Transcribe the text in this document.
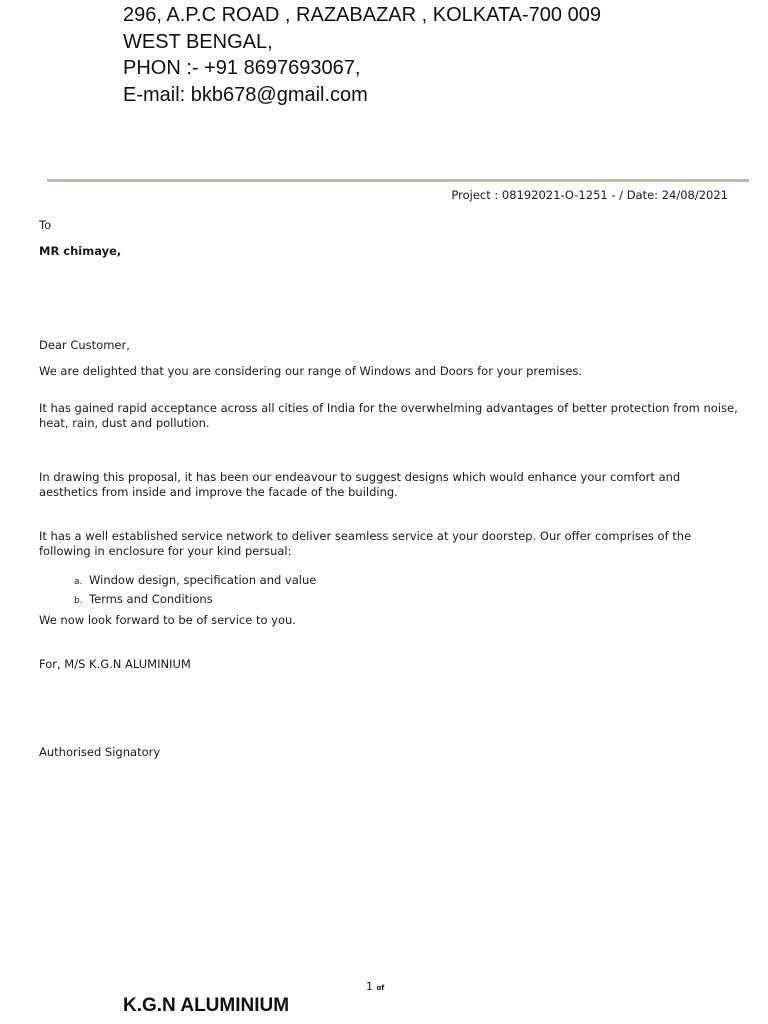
296, A.P.C ROAD , RAZABAZAR , KOLKATA-700 009
WEST BENGAL,
PHON :- +91 8697693067,
E-mail: bkb678@gmail.com
Project : 08192021-O-1251 - / Date: 24/08/2021
To
MR chimaye,
Dear Customer,
We are delighted that you are considering our range of Windows and Doors for your premises.
It has gained rapid acceptance across all cities of India for the overwhelming advantages of better protection from noise, heat, rain, dust and pollution.
In drawing this proposal, it has been our endeavour to suggest designs which would enhance your comfort and aesthetics from inside and improve the facade of the building.
It has a well established service network to deliver seamless service at your doorstep. Our offer comprises of the following in enclosure for your kind persual:
a. Window design, specification and value
b. Terms and Conditions
We now look forward to be of service to you.
For, M/S K.G.N ALUMINIUM
Authorised Signatory
1 of
K.G.N ALUMINIUM
